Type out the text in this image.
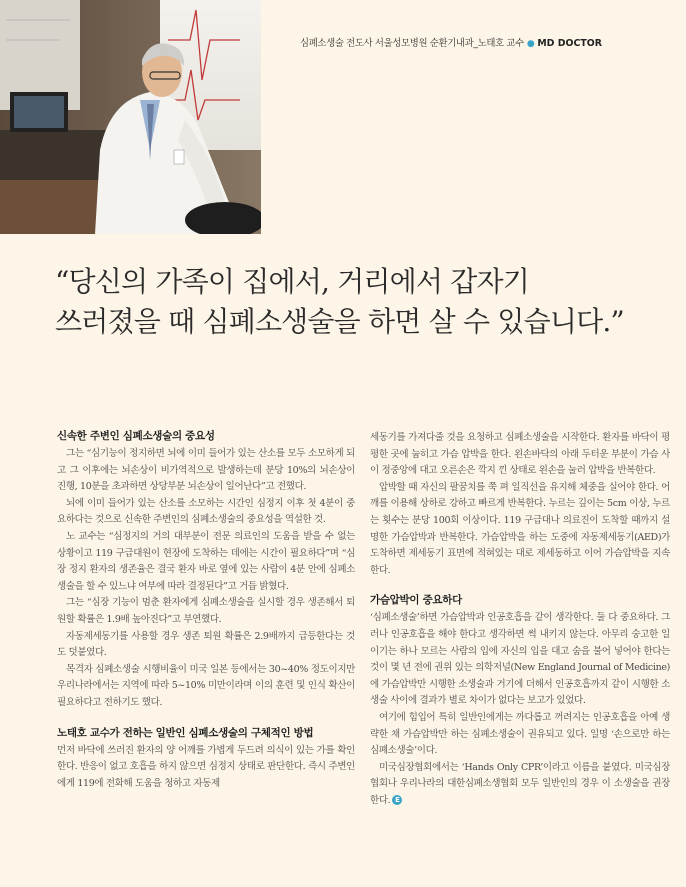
심폐소생술 전도사 서울성모병원 순환기내과_노태호 교수 ● MD DOCTOR
“당신의 가족이 집에서, 거리에서 갑자기
쓰러졌을 때 심폐소생술을 하면 살 수 있습니다.”
신속한 주변인 심폐소생술의 중요성

그는 “심기능이 정지하면 뇌에 이미 들어가 있는 산소를 모두 소모하게 되고 그 이후에는 뇌손상이 비가역적으로 발생하는데 분당 10%의 뇌손상이 진행, 10분을 초과하면 상당부분 뇌손상이 일어난다”고 전했다.

뇌에 이미 들어가 있는 산소를 소모하는 시간인 심정지 이후 첫 4분이 중요하다는 것으로 신속한 주변인의 심폐소생술의 중요성을 역설한 것.

노 교수는 “심정지의 거의 대부분이 전문 의료인의 도움을 받을 수 없는 상황이고 119 구급대원이 현장에 도착하는 데에는 시간이 필요하다”며 “심장 정지 환자의 생존율은 결국 환자 바로 옆에 있는 사람이 4분 안에 심폐소생술을 할 수 있느냐 여부에 따라 결정된다”고 거듭 밝혔다.

그는 “심장 기능이 멈춘 환자에게 심폐소생술을 실시할 경우 생존해서 퇴원할 확률은 1.9배 높아진다”고 부연했다.

자동제세동기를 사용할 경우 생존 퇴원 확률은 2.9배까지 급등한다는 것도 덧붙였다.

목격자 심폐소생술 시행비율이 미국 일본 등에서는 30~40% 정도이지만 우리나라에서는 지역에 따라 5~10% 미만이라며 이의 훈련 및 인식 확산이 필요하다고 전하기도 했다.

노태호 교수가 전하는 일반인 심폐소생술의 구체적인 방법

먼저 바닥에 쓰러진 환자의 양 어깨를 가볍게 두드려 의식이 있는 가를 확인한다. 반응이 없고 호흡을 하지 않으면 심정지 상태로 판단한다. 즉시 주변인에게 119에 전화해 도움을 청하고 자동제

세동기를 가져다줄 것을 요청하고 심폐소생술을 시작한다. 환자를 바닥이 평평한 곳에 눕히고 가슴 압박을 한다. 왼손바닥의 아래 두터운 부분이 가슴 사이 정중앙에 대고 오른손은 깍지 낀 상태로 왼손을 눌러 압박을 반복한다.

압박할 때 자신의 팔꿈치를 쭉 펴 일직선을 유지해 체중을 실어야 한다. 어깨를 이용해 상하로 강하고 빠르게 반복한다. 누르는 깊이는 5cm 이상, 누르는 횟수는 분당 100회 이상이다. 119 구급대나 의료진이 도착할 때까지 설명한 가슴압박과 반복한다. 가슴압박을 하는 도중에 자동제세동기(AED)가 도착하면 제세동기 표면에 적혀있는 대로 제세동하고 이어 가슴압박을 지속한다.

가슴압박이 중요하다

‘심폐소생술’하면 가슴압박과 인공호흡을 같이 생각한다. 둘 다 중요하다. 그러나 인공호흡을 해야 한다고 생각하면 썩 내키지 않는다. 아무리 숭고한 일이기는 하나 모르는 사람의 입에 자신의 입을 대고 숨을 불어 넣어야 한다는 것이 몇 년 전에 권위 있는 의학저널(New England Journal of Medicine)에 가슴압박만 시행한 소생술과 거기에 더해서 인공호흡까지 같이 시행한 소생술 사이에 결과가 별로 차이가 없다는 보고가 있었다.

여기에 힘입어 특히 일반인에게는 까다롭고 꺼려지는 인공호흡을 아예 생략한 채 가슴압박만 하는 심폐소생술이 권유되고 있다. 일명 ‘손으로만 하는 심폐소생술’이다.

미국심장협회에서는 ‘Hands Only CPR’이라고 이름을 붙였다. 미국심장협회나 우리나라의 대한심폐소생협회 모두 일반인의 경우 이 소생술을 권장한다. E
